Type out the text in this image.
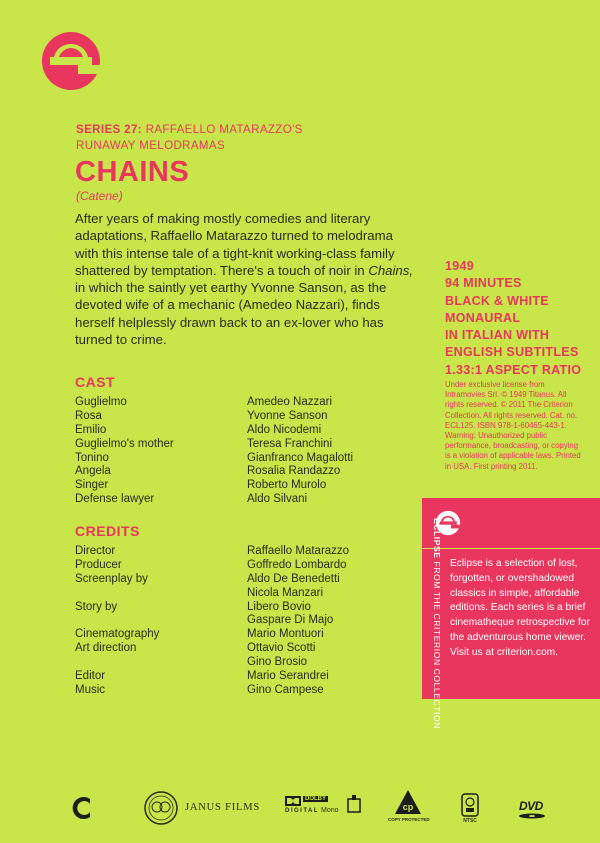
SERIES 27: RAFFAELLO MATARAZZO'S
RUNAWAY MELODRAMAS
CHAINS
(Catene)

After years of making mostly comedies and literary adaptations, Raffaello Matarazzo turned to melodrama with this intense tale of a tight-knit working-class family shattered by temptation. There's a touch of noir in Chains, in which the saintly yet earthy Yvonne Sanson, as the devoted wife of a mechanic (Amedeo Nazzari), finds herself helplessly drawn back to an ex-lover who has turned to crime.

CAST
Guglielmo
Rosa
Emilio
Guglielmo's mother
Tonino
Angela
Singer
Defense lawyer
Amedeo Nazzari
Yvonne Sanson
Aldo Nicodemi
Teresa Franchini
Gianfranco Magalotti
Rosalia Randazzo
Roberto Murolo
Aldo Silvani
CREDITS
Director
Producer
Screenplay by
Story by
Cinematography
Art direction
Editor
Music
Raffaello Matarazzo
Goffredo Lombardo
Aldo De Benedetti
Nicola Manzari
Libero Bovio
Gaspare Di Majo
Mario Montuori
Ottavio Scotti
Gino Brosio
Mario Serandrei
Gino Campese
1949
94 MINUTES
BLACK & WHITE
MONAURAL
IN ITALIAN WITH
ENGLISH SUBTITLES
1.33:1 ASPECT RATIO

Under exclusive license from Intramovies Srl. © 1949 Titanus. All rights reserved. © 2011 The Criterion Collection. All rights reserved. Cat. no. ECL125. ISBN 978-1-60465-443-1. Warning: Unauthorized public performance, broadcasting, or copying is a violation of applicable laws. Printed in USA. First printing 2011.

ECLIPSE FROM THE CRITERION COLLECTION Eclipse is a selection of lost, forgotten, or overshadowed classics in simple, affordable editions. Each series is a brief cinematheque retrospective for the adventurous home viewer. Visit us at criterion.com.

JANUS FILMS
DOLBY
DIGITAL Mono	cp
COPY PROTECTED	NTSC
DVD
